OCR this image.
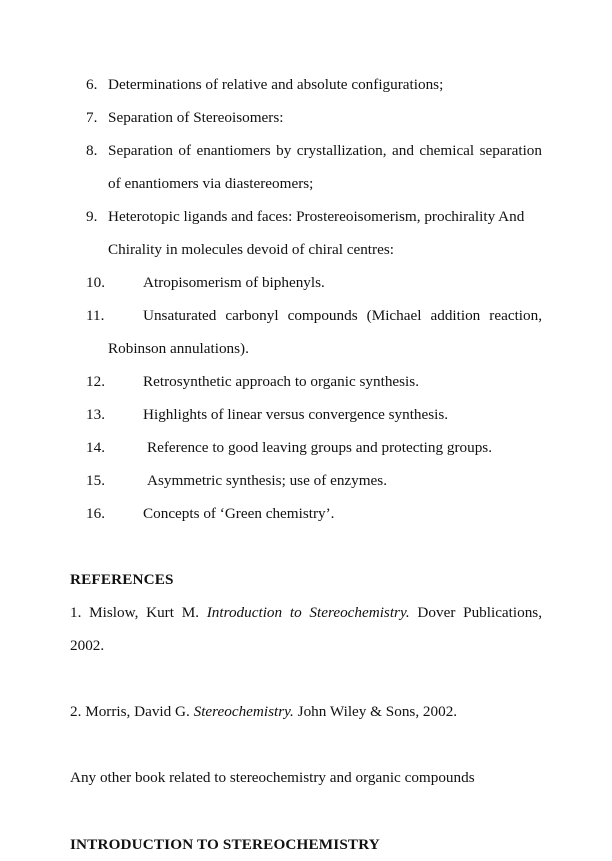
6. Determinations of relative and absolute configurations;
7. Separation of Stereoisomers:
8. Separation of enantiomers by crystallization, and chemical separation of enantiomers via diastereomers;
9. Heterotopic ligands and faces: Prostereoisomerism, prochirality And Chirality in molecules devoid of chiral centres:
10.	Atropisomerism of biphenyls.
11.	Unsaturated carbonyl compounds (Michael addition reaction, Robinson annulations).
12.	Retrosynthetic approach to organic synthesis.
13.	Highlights of linear versus convergence synthesis.
14.	Reference to good leaving groups and protecting groups.
15.	Asymmetric synthesis; use of enzymes.
16.	Concepts of ‘Green chemistry’.
REFERENCES
1. Mislow, Kurt M. Introduction to Stereochemistry. Dover Publications, 2002.
2. Morris, David G. Stereochemistry. John Wiley & Sons, 2002.
Any other book related to stereochemistry and organic compounds
INTRODUCTION TO STEREOCHEMISTRY
